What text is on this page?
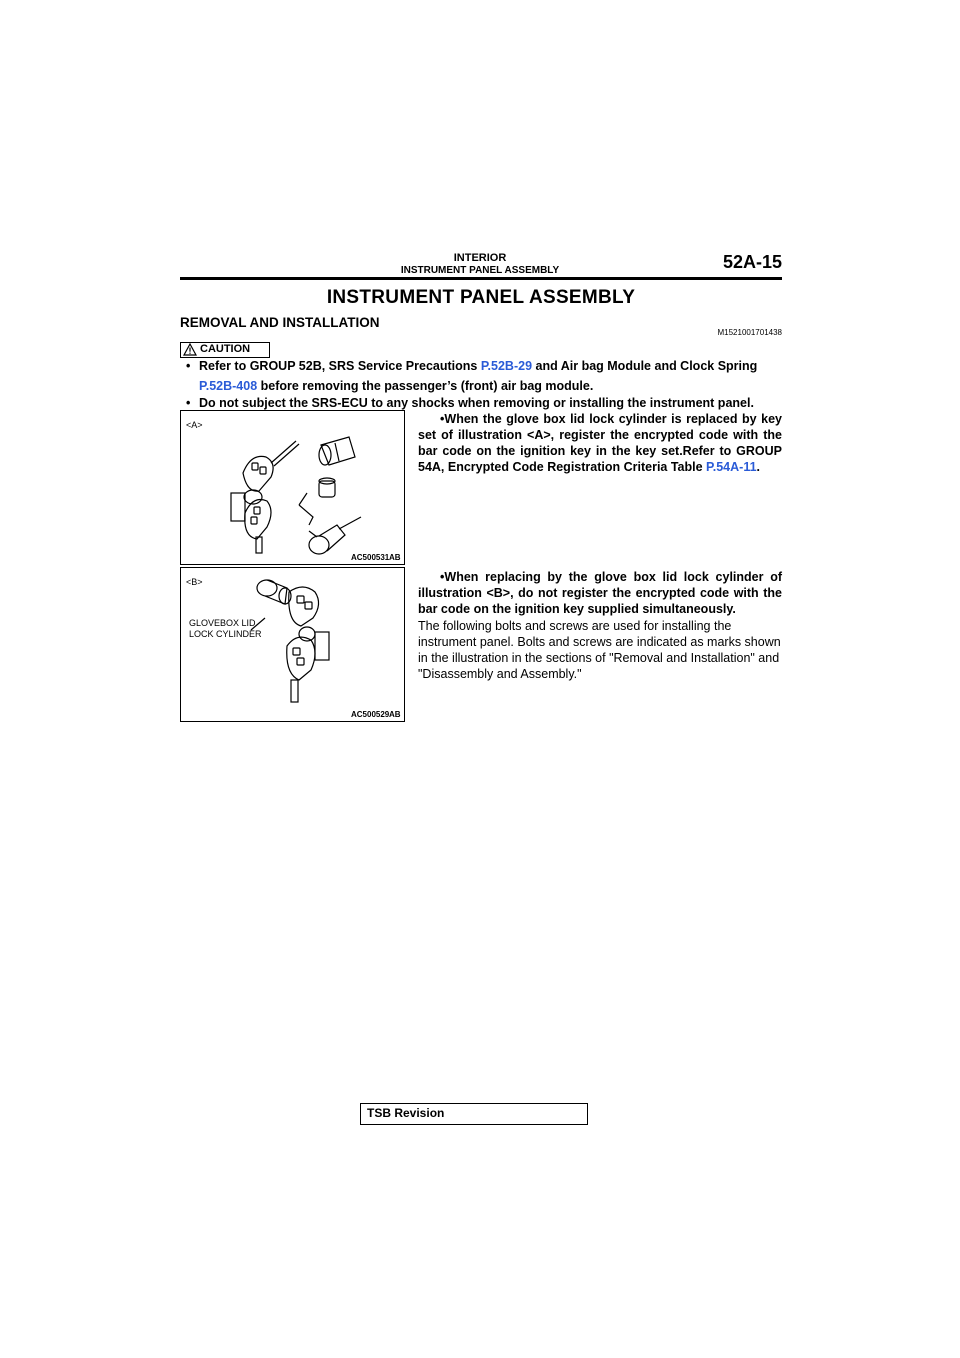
INTERIOR
INSTRUMENT PANEL ASSEMBLY	52A-15
INSTRUMENT PANEL ASSEMBLY
REMOVAL AND INSTALLATION
M1521001701438
CAUTION
• Refer to GROUP 52B, SRS Service Precautions P.52B-29 and Air bag Module and Clock Spring
P.52B-408 before removing the passenger’s (front) air bag module.
• Do not subject the SRS-ECU to any shocks when removing or installing the instrument panel.
<A>
AC500531 AB
•When the glove box lid lock cylinder is replaced by key set of illustration <A>, register the encrypted code with the bar code on the ignition key in the key set.Refer to GROUP 54A, Encrypted Code Registration Criteria Table P.54A-11.
<B>
GLOVEBOX LID
LOCK CYLINDER
AC500529 AB
•When replacing by the glove box lid lock cylinder of illustration <B>, do not register the encrypted code with the bar code on the ignition key supplied simultaneously.
The following bolts and screws are used for installing the instrument panel. Bolts and screws are indicated as marks shown in the illustration in the sections of "Removal and Installation" and "Disassembly and Assembly."
TSB Revision
